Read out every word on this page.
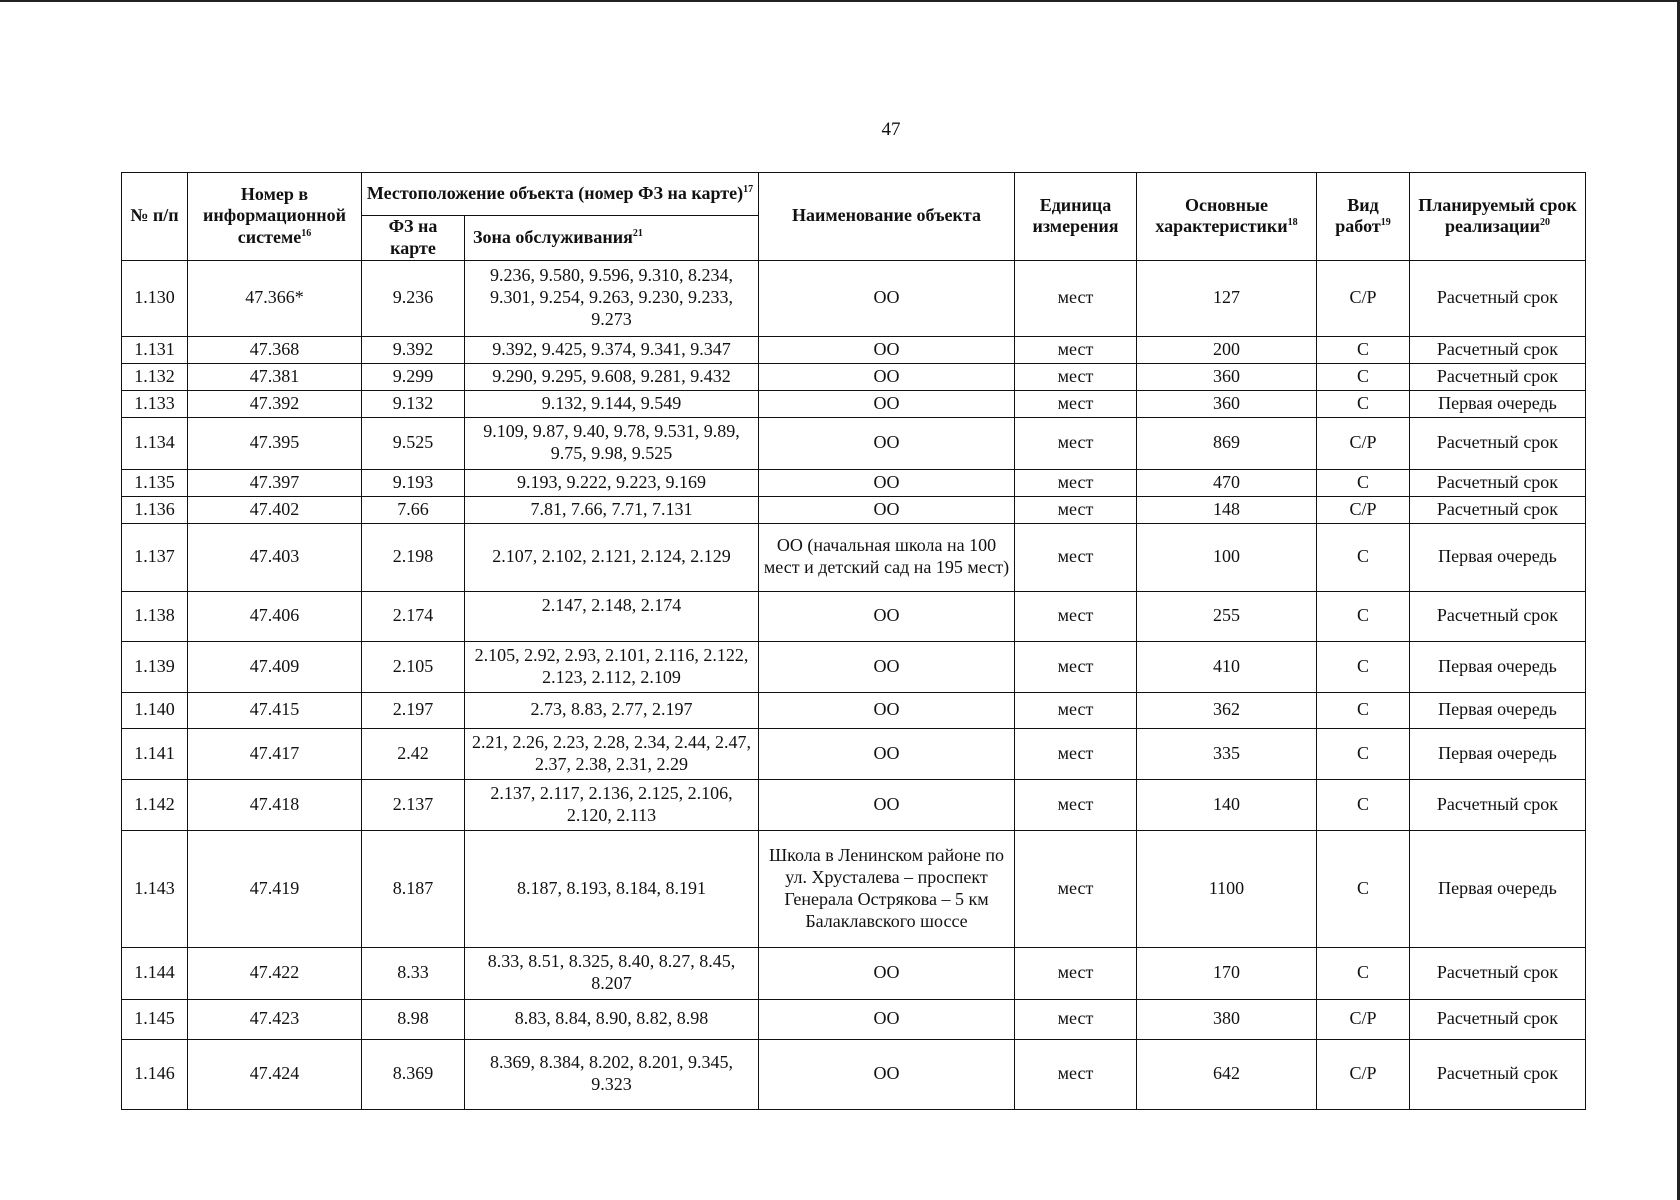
47
№ п/п	Номер в информационной системе$^{16}$	Местоположение объекта (номер ФЗ на карте)$^{17}$		Наименование объекта	Единица измерения	Основные характеристики$^{18}$	Вид работ$^{19}$	Планируемый срок реализации$^{20}$
		ФЗ на карте	Зона обслуживания$^{21}$
1.130	47.366*	9.236	9.236, 9.580, 9.596, 9.310, 8.234, 9.301, 9.254, 9.263, 9.230, 9.233, 9.273	ОО	мест	127	С/Р	Расчетный срок
1.131	47.368	9.392	9.392, 9.425, 9.374, 9.341, 9.347	ОО	мест	200	С	Расчетный срок
1.132	47.381	9.299	9.290, 9.295, 9.608, 9.281, 9.432	ОО	мест	360	С	Расчетный срок
1.133	47.392	9.132	9.132, 9.144, 9.549	ОО	мест	360	С	Первая очередь
1.134	47.395	9.525	9.109, 9.87, 9.40, 9.78, 9.531, 9.89, 9.75, 9.98, 9.525	ОО	мест	869	С/Р	Расчетный срок
1.135	47.397	9.193	9.193, 9.222, 9.223, 9.169	ОО	мест	470	С	Расчетный срок
1.136	47.402	7.66	7.81, 7.66, 7.71, 7.131	ОО	мест	148	С/Р	Расчетный срок
1.137	47.403	2.198	2.107, 2.102, 2.121, 2.124, 2.129	ОО (начальная школа на 100 мест и детский сад на 195 мест)	мест	100	С	Первая очередь
1.138	47.406	2.174	2.147, 2.148, 2.174	ОО	мест	255	С	Расчетный срок
1.139	47.409	2.105	2.105, 2.92, 2.93, 2.101, 2.116, 2.122, 2.123, 2.112, 2.109	ОО	мест	410	С	Первая очередь
1.140	47.415	2.197	2.73, 8.83, 2.77, 2.197	ОО	мест	362	С	Первая очередь
1.141	47.417	2.42	2.21, 2.26, 2.23, 2.28, 2.34, 2.44, 2.47, 2.37, 2.38, 2.31, 2.29	ОО	мест	335	С	Первая очередь
1.142	47.418	2.137	2.137, 2.117, 2.136, 2.125, 2.106, 2.120, 2.113	ОО	мест	140	С	Расчетный срок
1.143	47.419	8.187	8.187, 8.193, 8.184, 8.191	Школа в Ленинском районе по ул. Хрусталева – проспект Генерала Острякова – 5 км Балаклавского шоссе	мест	1100	С	Первая очередь
1.144	47.422	8.33	8.33, 8.51, 8.325, 8.40, 8.27, 8.45, 8.207	ОО	мест	170	С	Расчетный срок
1.145	47.423	8.98	8.83, 8.84, 8.90, 8.82, 8.98	ОО	мест	380	С/Р	Расчетный срок
1.146	47.424	8.369	8.369, 8.384, 8.202, 8.201, 9.345, 9.323	ОО	мест	642	С/Р	Расчетный срок
